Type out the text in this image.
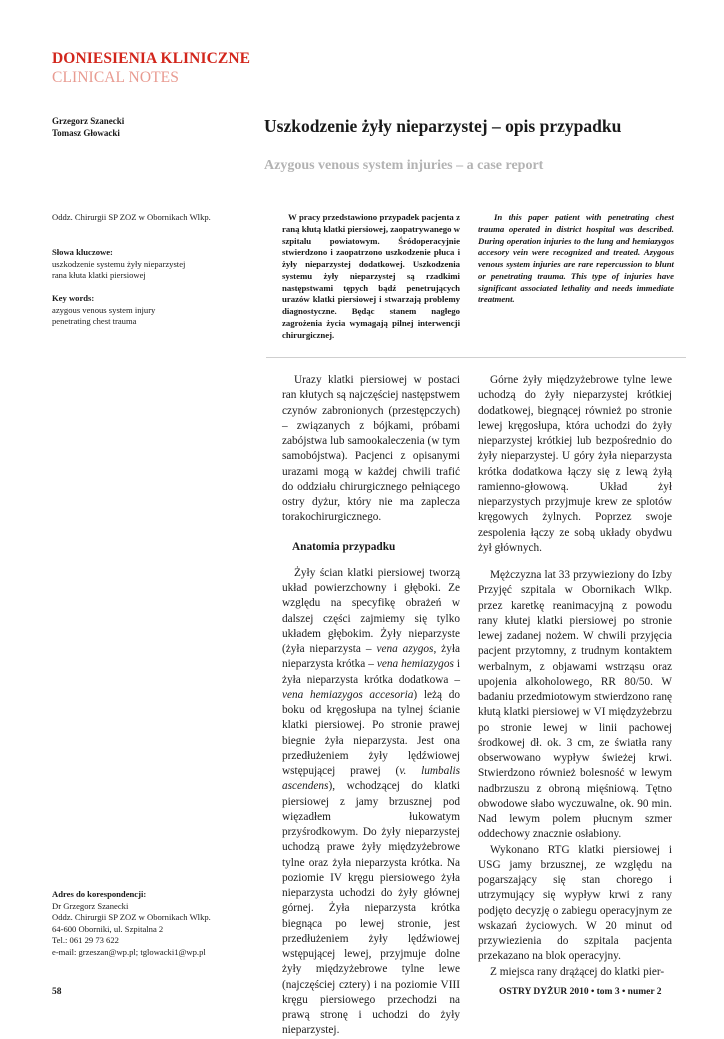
DONIESIENIA KLINICZNE
CLINICAL NOTES
Grzegorz Szanecki
Tomasz Głowacki	Uszkodzenie żyły nieparzystej – opis przypadku
Azygous venous system injuries – a case report
Oddz. Chirurgii SP ZOZ w Obornikach Wlkp.
Słowa kluczowe:
uszkodzenie systemu żyły nieparzystej
rana kłuta klatki piersiowej
Key words:
azygous venous system injury
penetrating chest trauma
W pracy przedstawiono przypadek pacjenta z raną kłutą klatki piersiowej, zaopatrywanego w szpitalu powiatowym. Śródoperacyjnie stwierdzono i zaopatrzono uszkodzenie płuca i żyły nieparzystej dodatkowej. Uszkodzenia systemu żyły nieparzystej są rzadkimi następstwami tępych bądź penetrujących urazów klatki piersiowej i stwarzają problemy diagnostyczne. Będąc stanem nagłego zagrożenia życia wymagają pilnej interwencji chirurgicznej.
In this paper patient with penetrating chest trauma operated in district hospital was described. During operation injuries to the lung and hemiazygos accesory vein were recognized and treated. Azygous venous system injuries are rare repercussion to blunt or penetrating trauma. This type of injuries have significant associated lethality and needs immediate treatment.

Urazy klatki piersiowej w postaci ran kłutych są najczęściej następstwem czynów zabronionych (przestępczych) – związanych z bójkami, próbami zabójstwa lub samookaleczenia (w tym samobójstwa). Pacjenci z opisanymi urazami mogą w każdej chwili trafić do oddziału chirurgicznego pełniącego ostry dyżur, który nie ma zaplecza torakochirurgicznego.

Anatomia przypadku

Żyły ścian klatki piersiowej tworzą układ powierzchowny i głęboki. Ze względu na specyfikę obrażeń w dalszej części zajmiemy się tylko układem głębokim. Żyły nieparzyste (żyła nieparzysta – vena azygos, żyła nieparzysta krótka – vena hemiazygos i żyła nieparzysta krótka dodatkowa – vena hemiazygos accesoria) leżą do boku od kręgosłupa na tylnej ścianie klatki piersiowej. Po stronie prawej biegnie żyła nieparzysta. Jest ona przedłużeniem żyły lędźwiowej wstępującej prawej (v. lumbalis ascendens), wchodzącej do klatki piersiowej z jamy brzusznej pod więzadłem łukowatym przyśrodkowym. Do żyły nieparzystej uchodzą prawe żyły międzyżebrowe tylne oraz żyła nieparzysta krótka. Na poziomie IV kręgu piersiowego żyła nieparzysta uchodzi do żyły głównej górnej. Żyła nieparzysta krótka biegnąca po lewej stronie, jest przedłużeniem żyły lędźwiowej wstępującej lewej, przyjmuje dolne żyły międzyżebrowe tylne lewe (najczęściej cztery) i na poziomie VIII kręgu piersiowego przechodzi na prawą stronę i uchodzi do żyły nieparzystej.

Górne żyły międzyżebrowe tylne lewe uchodzą do żyły nieparzystej krótkiej dodatkowej, biegnącej również po stronie lewej kręgosłupa, która uchodzi do żyły nieparzystej krótkiej lub bezpośrednio do żyły nieparzystej. U góry żyła nieparzysta krótka dodatkowa łączy się z lewą żyłą ramienno-głowową. Układ żył nieparzystych przyjmuje krew ze splotów kręgowych żylnych. Poprzez swoje zespolenia łączy ze sobą układy obydwu żył głównych.

Mężczyzna lat 33 przywieziony do Izby Przyjęć szpitala w Obornikach Wlkp. przez karetkę reanimacyjną z powodu rany kłutej klatki piersiowej po stronie lewej zadanej nożem. W chwili przyjęcia pacjent przytomny, z trudnym kontaktem werbalnym, z objawami wstrząsu oraz upojenia alkoholowego, RR 80/50. W badaniu przedmiotowym stwierdzono ranę kłutą klatki piersiowej w VI międzyżebrzu po stronie lewej w linii pachowej środkowej dł. ok. 3 cm, ze światła rany obserwowano wypływ świeżej krwi. Stwierdzono również bolesność w lewym nadbrzuszu z obroną mięśniową. Tętno obwodowe słabo wyczuwalne, ok. 90 min. Nad lewym polem płucnym szmer oddechowy znacznie osłabiony.

Wykonano RTG klatki piersiowej i USG jamy brzusznej, ze względu na pogarszający się stan chorego i utrzymujący się wypływ krwi z rany podjęto decyzję o zabiegu operacyjnym ze wskazań życiowych. W 20 minut od przywiezienia do szpitala pacjenta przekazano na blok operacyjny.

Z miejsca rany drążącej do klatki pier-

Adres do korespondencji:
Dr Grzegorz Szanecki
Oddz. Chirurgii SP ZOZ w Obornikach Wlkp.
64-600 Oborniki, ul. Szpitalna 2
Tel.: 061 29 73 622
e-mail: grzeszan@wp.pl; tglowacki1@wp.pl
58	OSTRY DYŻUR 2010 • tom 3 • numer 2
